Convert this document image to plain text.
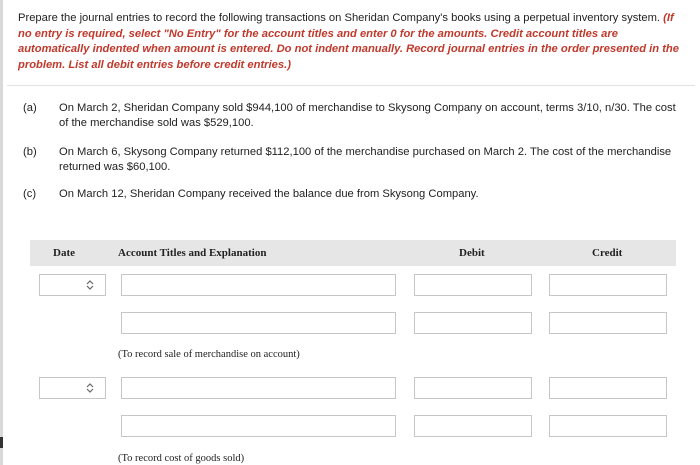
Prepare the journal entries to record the following transactions on Sheridan Company's books using a perpetual inventory system. (If no entry is required, select "No Entry" for the account titles and enter 0 for the amounts. Credit account titles are automatically indented when amount is entered. Do not indent manually. Record journal entries in the order presented in the problem. List all debit entries before credit entries.)

(a)	On March 2, Sheridan Company sold $944,100 of merchandise to Skysong Company on account, terms 3/10, n/30. The cost of the merchandise sold was $529,100.
(b)	On March 6, Skysong Company returned $112,100 of the merchandise purchased on March 2. The cost of the merchandise returned was $60,100.
(c)	On March 12, Sheridan Company received the balance due from Skysong Company.
Date	Account Titles and Explanation	Debit	Credit
(To record sale of merchandise on account)
(To record cost of goods sold)
